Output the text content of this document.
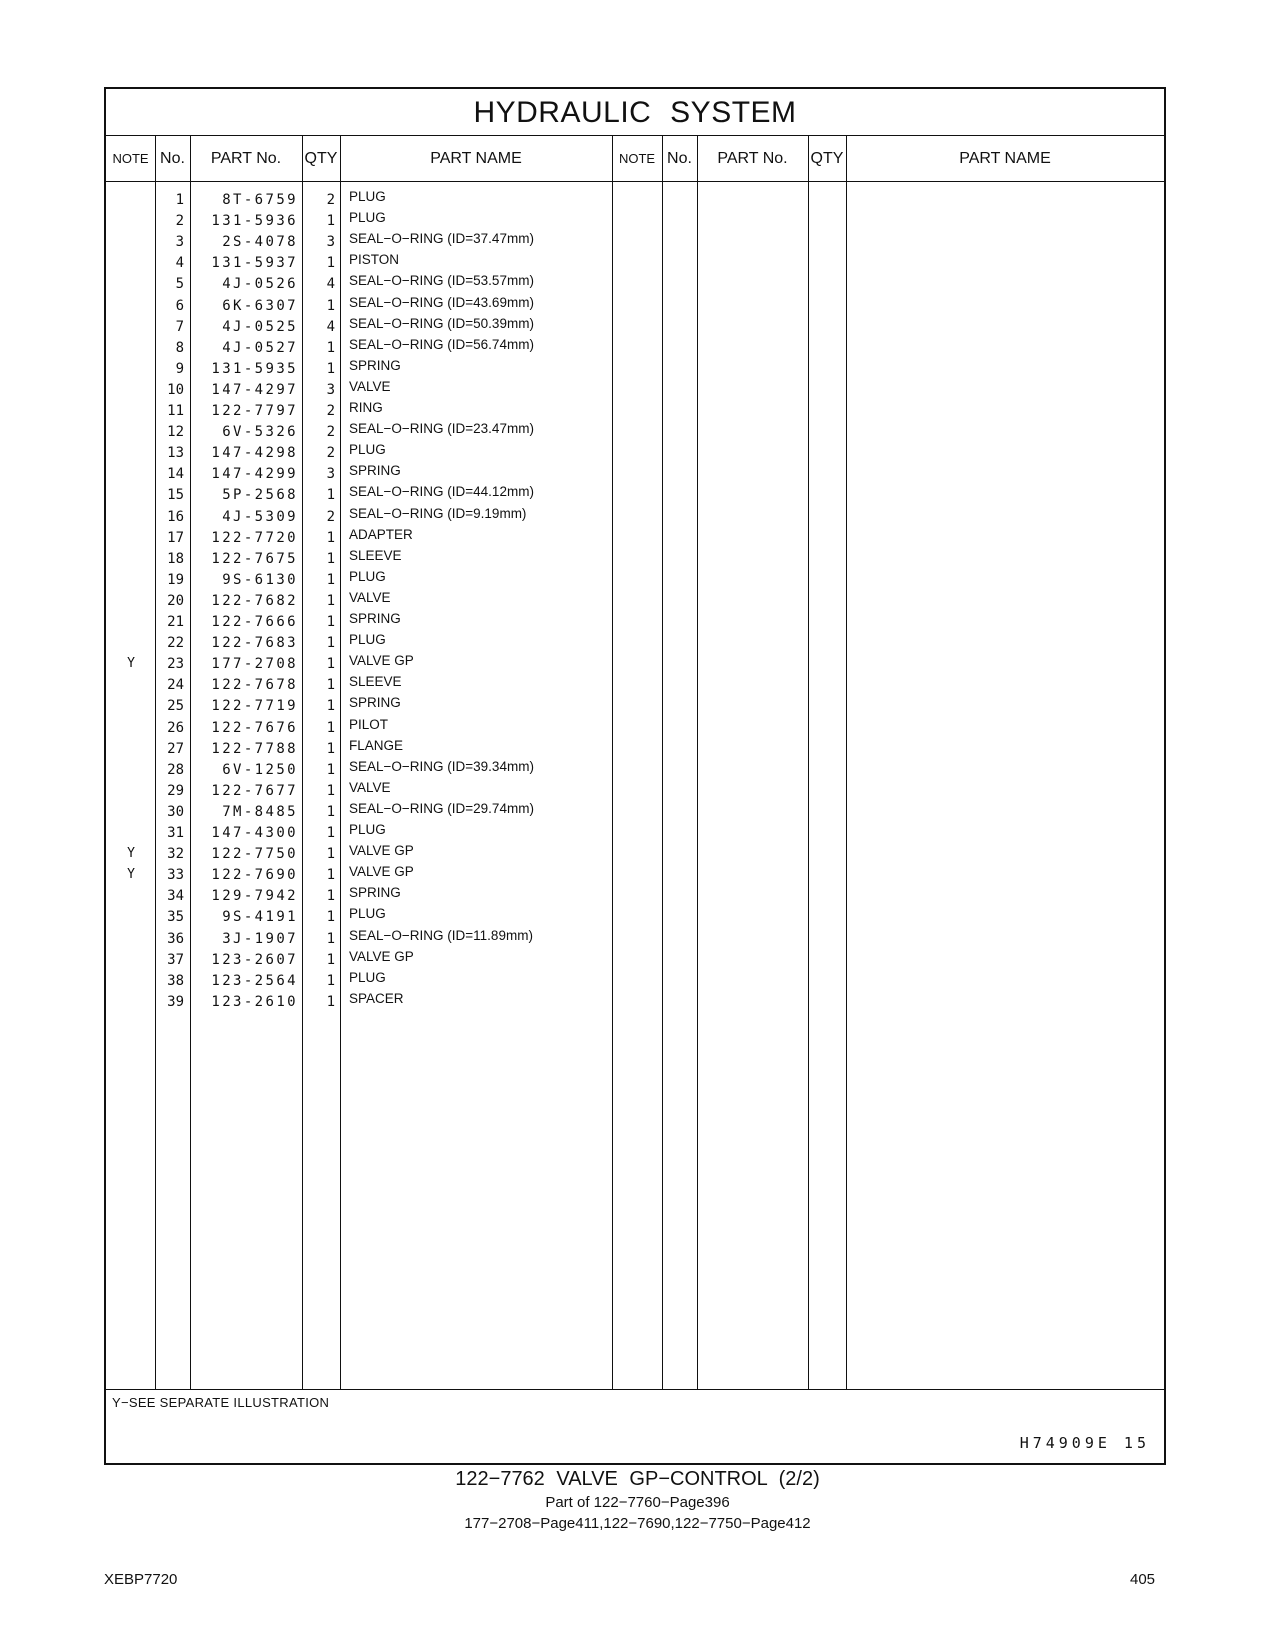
HYDRAULIC SYSTEM
NOTE No.	PART No.	QTY	PART NAME	NOTE No.	PART No.	QTY	PART NAME
1	8T-6759	2 PLUG
2	131-5936	1 PLUG
3	2S-4078	3 SEAL−O−RING (ID=37.47mm)
4	131-5937	1 PISTON
5	4J-0526	4 SEAL−O−RING (ID=53.57mm)
6	6K-6307	1 SEAL−O−RING (ID=43.69mm)
7	4J-0525	4 SEAL−O−RING (ID=50.39mm)
8	4J-0527	1 SEAL−O−RING (ID=56.74mm)
9	131-5935	1 SPRING
10	147-4297	3 VALVE
11	122-7797	2 RING
12	6V-5326	2 SEAL−O−RING (ID=23.47mm)
13	147-4298	2 PLUG
14	147-4299	3 SPRING
15	5P-2568	1 SEAL−O−RING (ID=44.12mm)
16	4J-5309	2 SEAL−O−RING (ID=9.19mm)
17	122-7720	1 ADAPTER
18	122-7675	1 SLEEVE
19	9S-6130	1 PLUG
20	122-7682	1 VALVE
21	122-7666	1 SPRING
22	122-7683	1 PLUG
Y	23	177-2708	1 VALVE GP
24	122-7678	1 SLEEVE
25	122-7719	1 SPRING
26	122-7676	1 PILOT
27	122-7788	1 FLANGE
28	6V-1250	1 SEAL−O−RING (ID=39.34mm)
29	122-7677	1 VALVE
30	7M-8485	1 SEAL−O−RING (ID=29.74mm)
31	147-4300	1 PLUG
Y	32	122-7750	1 VALVE GP
Y	33	122-7690	1 VALVE GP
34	129-7942	1 SPRING
35	9S-4191	1 PLUG
36	3J-1907	1 SEAL−O−RING (ID=11.89mm)
37	123-2607	1 VALVE GP
38	123-2564	1 PLUG
39	123-2610	1 SPACER
Y−SEE SEPARATE ILLUSTRATION
H74909E 15
122−7762 VALVE GP−CONTROL (2/2)
Part of 122−7760−Page396
177−2708−Page411,122−7690,122−7750−Page412
XEBP7720	405
